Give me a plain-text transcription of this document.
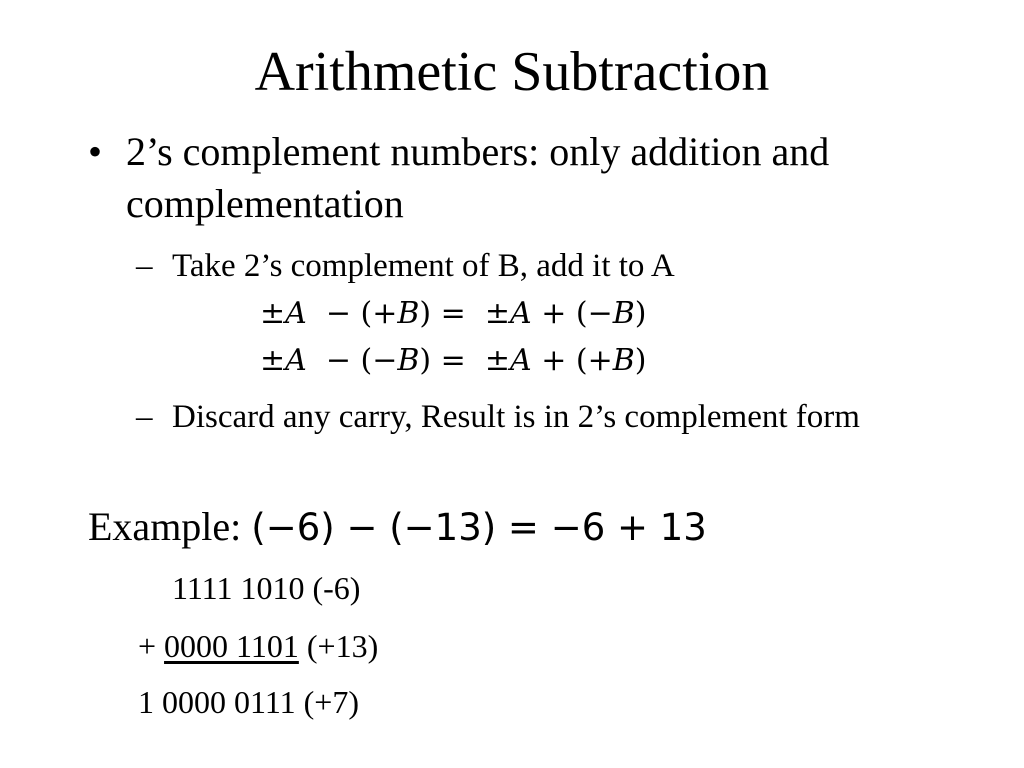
Arithmetic Subtraction
• 2’s complement numbers: only addition and complementation
– Take 2’s complement of B, add it to A
±𝐴  − (+𝐵) =  ±𝐴 + (−𝐵)
±𝐴  − (−𝐵) =  ±𝐴 + (+𝐵)
– Discard any carry, Result is in 2’s complement form
Example: (−6) − (−13) = −6 + 13
1111 1010 (-6)
+ 0000 1101 (+13)
1 0000 0111 (+7)
